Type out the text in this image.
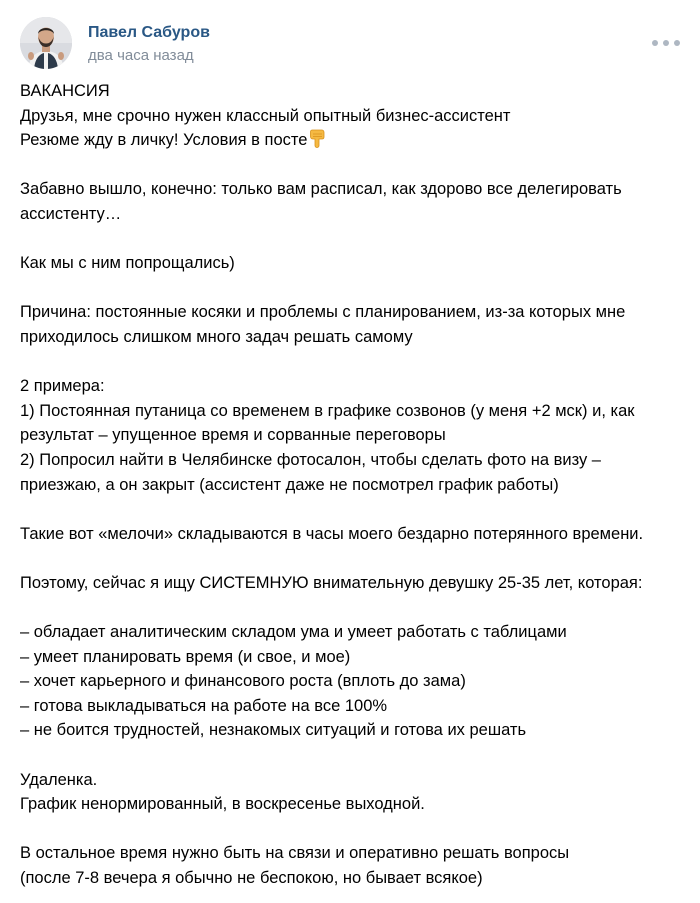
Павел Сабуров
два часа назад
ВАКАНСИЯ
Друзья, мне срочно нужен классный опытный бизнес-ассистент
Резюме жду в личку! Условия в посте
Забавно вышло, конечно: только вам расписал, как здорово все делегировать
ассистенту…
Как мы с ним попрощались)
Причина: постоянные косяки и проблемы с планированием, из-за которых мне
приходилось слишком много задач решать самому
2 примера:
1) Постоянная путаница со временем в графике созвонов (у меня +2 мск) и, как
результат – упущенное время и сорванные переговоры
2) Попросил найти в Челябинске фотосалон, чтобы сделать фото на визу –
приезжаю, а он закрыт (ассистент даже не посмотрел график работы)
Такие вот «мелочи» складываются в часы моего бездарно потерянного времени.
Поэтому, сейчас я ищу СИСТЕМНУЮ внимательную девушку 25-35 лет, которая:
– обладает аналитическим складом ума и умеет работать с таблицами
– умеет планировать время (и свое, и мое)
– хочет карьерного и финансового роста (вплоть до зама)
– готова выкладываться на работе на все 100%
– не боится трудностей, незнакомых ситуаций и готова их решать
Удаленка.
График ненормированный, в воскресенье выходной.
В остальное время нужно быть на связи и оперативно решать вопросы
(после 7-8 вечера я обычно не беспокою, но бывает всякое)
